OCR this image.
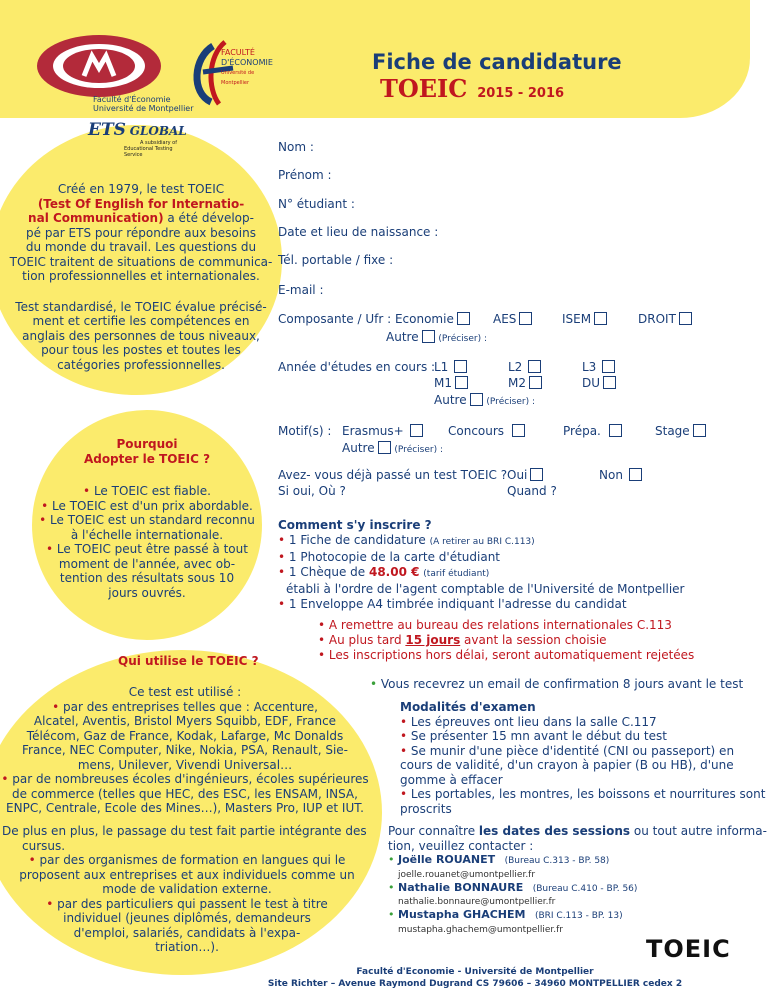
Faculté d'Économie
Université de Montpellier
FACULTÉ
D'ÉCONOMIE
Université de Montpellier
ETS GLOBAL
A subsidiary of
Educational Testing Service
Fiche de candidature
TOEIC 2015 - 2016
Nom :
Prénom :
N° étudiant :
Date et lieu de naissance :
Tél. portable / fixe :
E-mail :
Composante / Ufr : Economie	AES	ISEM	DROIT
Autre (Préciser) :
Année d'études en cours :
L1	L2	L3
M1	M2	DU
Autre (Préciser) :
Motif(s) : Erasmus+	Concours	Prépa.	Stage
Autre (Préciser) :
Avez- vous déjà passé un test TOEIC ? Oui	Non
Si oui, Où ?	Quand ?
Créé en 1979, le test TOEIC
(Test Of English for Internatio-
nal Communication) a été dévelop-
pé par ETS pour répondre aux besoins
du monde du travail. Les questions du
TOEIC traitent de situations de communica-
tion professionnelles et internationales.
Test standardisé, le TOEIC évalue précisé-
ment et certifie les compétences en
anglais des personnes de tous niveaux,
pour tous les postes et toutes les
catégories professionnelles.
Pourquoi
Adopter le TOEIC ?
• Le TOEIC est fiable.
• Le TOEIC est d'un prix abordable.
• Le TOEIC est un standard reconnu
à l'échelle internationale.
• Le TOEIC peut être passé à tout
moment de l'année, avec ob-
tention des résultats sous 10
jours ouvrés.
Comment s'y inscrire ?
• 1 Fiche de candidature (A retirer au BRI C.113)
• 1 Photocopie de la carte d'étudiant
• 1 Chèque de 48.00 € (tarif étudiant)
établi à l'ordre de l'agent comptable de l'Université de Montpellier
• 1 Enveloppe A4 timbrée indiquant l'adresse du candidat
• A remettre au bureau des relations internationales C.113
• Au plus tard 15 jours avant la session choisie
• Les inscriptions hors délai, seront automatiquement rejetées
• Vous recevrez un email de confirmation 8 jours avant le test
Qui utilise le TOEIC ?
Ce test est utilisé :
• par des entreprises telles que : Accenture,
Alcatel, Aventis, Bristol Myers Squibb, EDF, France
Télécom, Gaz de France, Kodak, Lafarge, Mc Donalds
France, NEC Computer, Nike, Nokia, PSA, Renault, Sie-
mens, Unilever, Vivendi Universal…
• par de nombreuses écoles d'ingénieurs, écoles supérieures
de commerce (telles que HEC, des ESC, les ENSAM, INSA,
ENPC, Centrale, Ecole des Mines…), Masters Pro, IUP et IUT.
De plus en plus, le passage du test fait partie intégrante des
cursus.
• par des organismes de formation en langues qui le
proposent aux entreprises et aux individuels comme un
mode de validation externe.
• par des particuliers qui passent le test à titre
individuel (jeunes diplômés, demandeurs
d'emploi, salariés, candidats à l'expa-
triation…).
Modalités d'examen
• Les épreuves ont lieu dans la salle C.117
• Se présenter 15 mn avant le début du test
• Se munir d'une pièce d'identité (CNI ou passeport) en
cours de validité, d'un crayon à papier (B ou HB), d'une
gomme à effacer
• Les portables, les montres, les boissons et nourritures sont
proscrits
Pour connaître les dates des sessions ou tout autre informa-
tion, veuillez contacter :
• Joëlle ROUANET (Bureau C.313 - BP. 58)
joelle.rouanet@umontpellier.fr
• Nathalie BONNAURE (Bureau C.410 - BP. 56)
nathalie.bonnaure@umontpellier.fr
• Mustapha GHACHEM (BRI C.113 - BP. 13)
mustapha.ghachem@umontpellier.fr
TOEIC
Faculté d'Economie - Université de Montpellier
Site Richter – Avenue Raymond Dugrand CS 79606 – 34960 MONTPELLIER cedex 2
